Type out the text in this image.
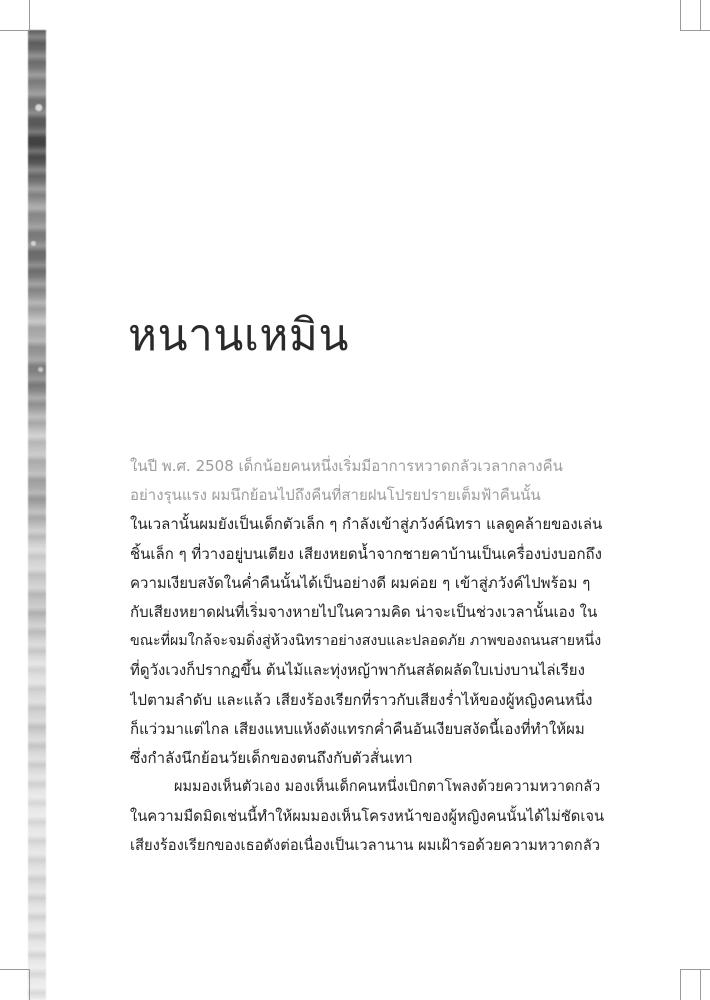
หนานเหมิน
ในปี พ.ศ. 2508 เด็กน้อยคนหนึ่งเริ่มมีอาการหวาดกลัวเวลากลางคืน
อย่างรุนแรง ผมนึกย้อนไปถึงคืนที่สายฝนโปรยปรายเต็มฟ้าคืนนั้น
ในเวลานั้นผมยังเป็นเด็กตัวเล็ก ๆ กำลังเข้าสู่ภวังค์นิทรา แลดูคล้ายของเล่น
ชิ้นเล็ก ๆ ที่วางอยู่บนเตียง เสียงหยดน้ำจากชายคาบ้านเป็นเครื่องบ่งบอกถึง
ความเงียบสงัดในค่ำคืนนั้นได้เป็นอย่างดี ผมค่อย ๆ เข้าสู่ภวังค์ไปพร้อม ๆ
กับเสียงหยาดฝนที่เริ่มจางหายไปในความคิด น่าจะเป็นช่วงเวลานั้นเอง ใน
ขณะที่ผมใกล้จะจมดิ่งสู่ห้วงนิทราอย่างสงบและปลอดภัย ภาพของถนนสายหนึ่ง
ที่ดูวังเวงก็ปรากฏขึ้น ต้นไม้และทุ่งหญ้าพากันสลัดผลัดใบเบ่งบานไล่เรียง
ไปตามลำดับ และแล้ว เสียงร้องเรียกที่ราวกับเสียงร่ำไห้ของผู้หญิงคนหนึ่ง
ก็แว่วมาแต่ไกล เสียงแหบแห้งดังแทรกค่ำคืนอันเงียบสงัดนี้เองที่ทำให้ผม
ซึ่งกำลังนึกย้อนวัยเด็กของตนถึงกับตัวสั่นเทา
ผมมองเห็นตัวเอง มองเห็นเด็กคนหนึ่งเบิกตาโพลงด้วยความหวาดกลัว
ในความมืดมิดเช่นนี้ทำให้ผมมองเห็นโครงหน้าของผู้หญิงคนนั้นได้ไม่ชัดเจน
เสียงร้องเรียกของเธอดังต่อเนื่องเป็นเวลานาน ผมเฝ้ารอด้วยความหวาดกลัว
